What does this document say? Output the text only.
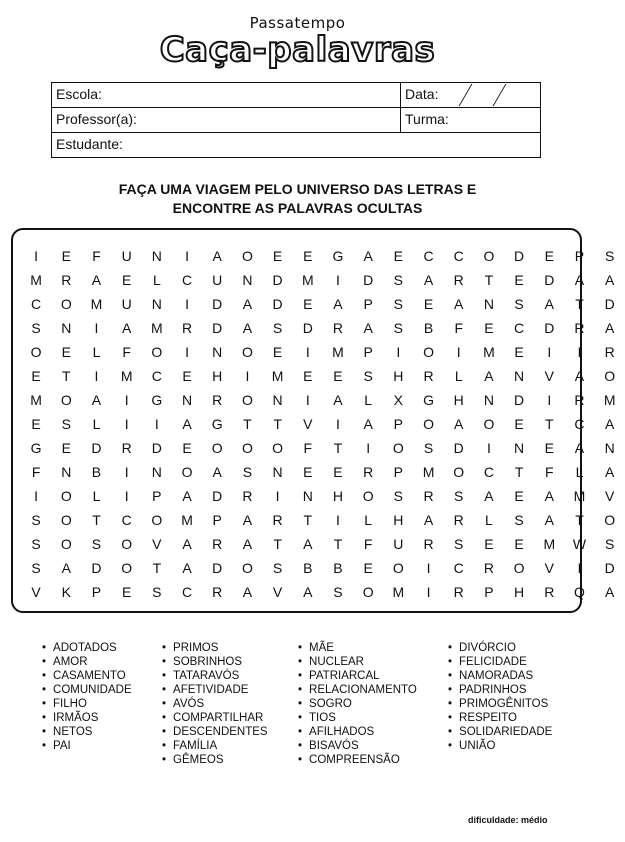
Passatempo
Caça-palavras
Escola:	Data:
Professor(a):	Turma:
Estudante:
FAÇA UMA VIAGEM PELO UNIVERSO DAS LETRAS E
ENCONTRE AS PALAVRAS OCULTAS
I	E	F	U	N	I	A	O	E	E	G	A	E	C	C	O	D	E	P	S
M	R	A	E	L	C	U	N	D	M	I	D	S	A	R	T	E	D	A	A
C	O	M	U	N	I	D	A	D	E	A	P	S	E	A	N	S	A	T	D
S	N	I	A	M	R	D	A	S	D	R	A	S	B	F	E	C	D	R	A
O	E	L	F	O	I	N	O	E	I	M	P	I	O	I	M	E	I	I	R
E	T	I	M	C	E	H	I	M	E	E	S	H	R	L	A	N	V	A	O
M	O	A	I	G	N	R	O	N	I	A	L	X	G	H	N	D	I	R	M
E	S	L	I	I	A	G	T	T	V	I	A	P	O	A	O	E	T	C	A
G	E	D	R	D	E	O	O	O	F	T	I	O	S	D	I	N	E	A	N
F	N	B	I	N	O	A	S	N	E	E	R	P	M	O	C	T	F	L	A
I	O	L	I	P	A	D	R	I	N	H	O	S	R	S	A	E	A	M	V
S	O	T	C	O	M	P	A	R	T	I	L	H	A	R	L	S	A	T	O
S	O	S	O	V	A	R	A	T	A	T	F	U	R	S	E	E	M	W	S
S	A	D	O	T	A	D	O	S	B	B	E	O	I	C	R	O	V	I	D
V	K	P	E	S	C	R	A	V	A	S	O	M	I	R	P	H	R	Q	A
• ADOTADOS
• AMOR
• CASAMENTO
• COMUNIDADE
• FILHO
• IRMÃOS
• NETOS
• PAI
• PRIMOS
• SOBRINHOS
• TATARAVÓS
• AFETIVIDADE
• AVÓS
• COMPARTILHAR
• DESCENDENTES
• FAMÍLIA
• GÊMEOS
• MÃE
• NUCLEAR
• PATRIARCAL
• RELACIONAMENTO
• SOGRO
• TIOS
• AFILHADOS
• BISAVÓS
• COMPREENSÃO
• DIVÓRCIO
• FELICIDADE
• NAMORADAS
• PADRINHOS
• PRIMOGÊNITOS
• RESPEITO
• SOLIDARIEDADE
• UNIÃO
dificuldade: médio
